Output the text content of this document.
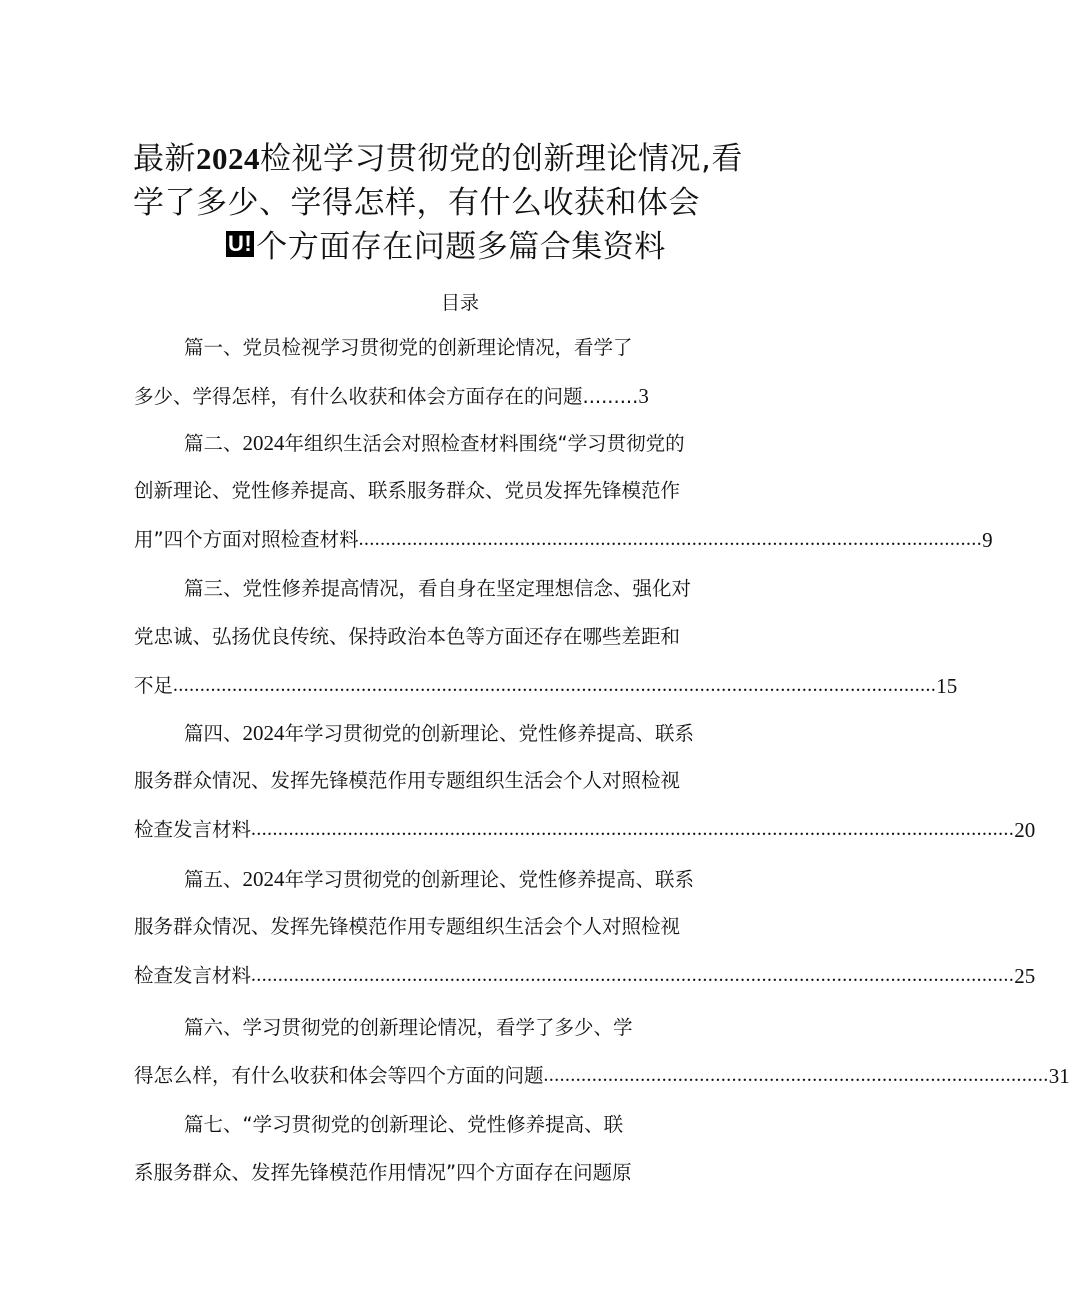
最新2024检视学习贯彻党的创新理论情况,看
学了多少、学得怎样，有什么收获和体会
U! 个方面存在问题多篇合集资料
目录
篇一、党员检视学习贯彻党的创新理论情况，看学了
多少、学得怎样，有什么收获和体会方面存在的问题.........3
篇二、2024年组织生活会对照检查材料围绕“学习贯彻党的
创新理论、党性修养提高、联系服务群众、党员发挥先锋模范作
用”四个方面对照检查材料 .................................................................................................................... 9
篇三、党性修养提高情况，看自身在坚定理想信念、强化对
党忠诚、弘扬优良传统、保持政治本色等方面还存在哪些差距和
不足 .............................................................................................................................................. 15
篇四、2024年学习贯彻党的创新理论、党性修养提高、联系
服务群众情况、发挥先锋模范作用专题组织生活会个人对照检视
检查发言材料 .............................................................................................................................................. 20
篇五、2024年学习贯彻党的创新理论、党性修养提高、联系
服务群众情况、发挥先锋模范作用专题组织生活会个人对照检视
检查发言材料 .............................................................................................................................................. 25
篇六、学习贯彻党的创新理论情况，看学了多少、学
得怎么样，有什么收获和体会等四个方面的问题 .............................................................................................. 31
篇七、“学习贯彻党的创新理论、党性修养提高、联
系服务群众、发挥先锋模范作用情况”四个方面存在问题原
